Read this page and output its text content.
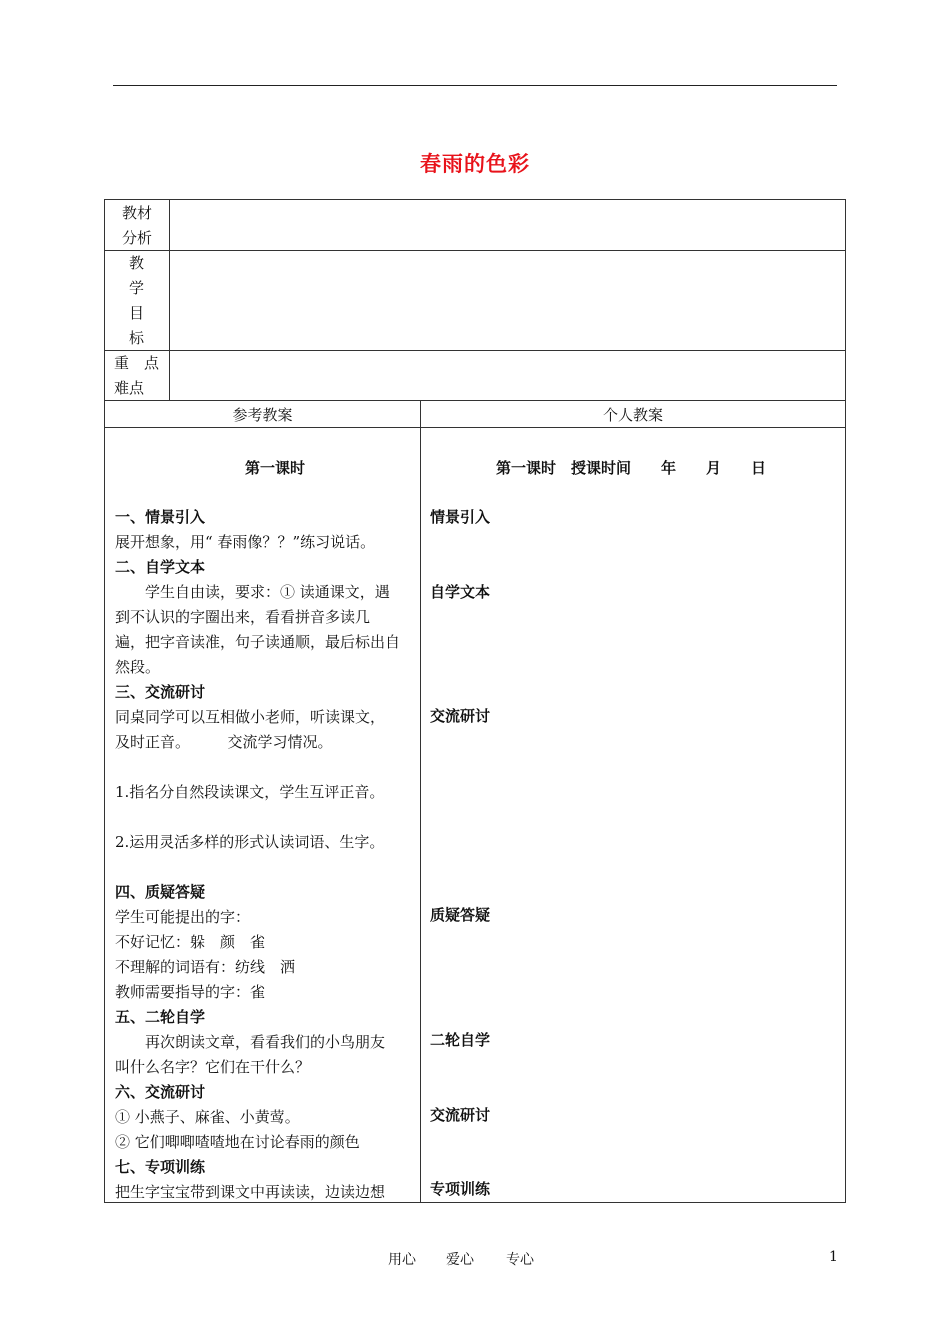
春雨的色彩
教材
分析
教
学
目
标
重　点
难点
参考教案	个人教案
第一课时
一、情景引入
展开想象，用“ 春雨像？？”练习说话。
二、自学文本
　　学生自由读，要求：① 读通课文，遇
到不认识的字圈出来，看看拼音多读几
遍，把字音读准，句子读通顺，最后标出自
然段。
三、交流研讨
同桌同学可以互相做小老师，听读课文，
及时正音。　　　交流学习情况。
1.指名分自然段读课文，学生互评正音。
2.运用灵活多样的形式认读词语、生字。
四、质疑答疑
学生可能提出的字：
不好记忆：躲　颜　雀
不理解的词语有：纺线　洒
教师需要指导的字：雀
五、二轮自学
　　再次朗读文章，看看我们的小鸟朋友
叫什么名字？它们在干什么？
六、交流研讨
① 小燕子、麻雀、小黄莺。
② 它们唧唧喳喳地在讨论春雨的颜色
七、专项训练
把生字宝宝带到课文中再读读，边读边想
第一课时　授课时间　　年　　月　　日
情景引入
自学文本
交流研讨
质疑答疑
二轮自学
交流研讨
专项训练
用心 爱心 专心	1
